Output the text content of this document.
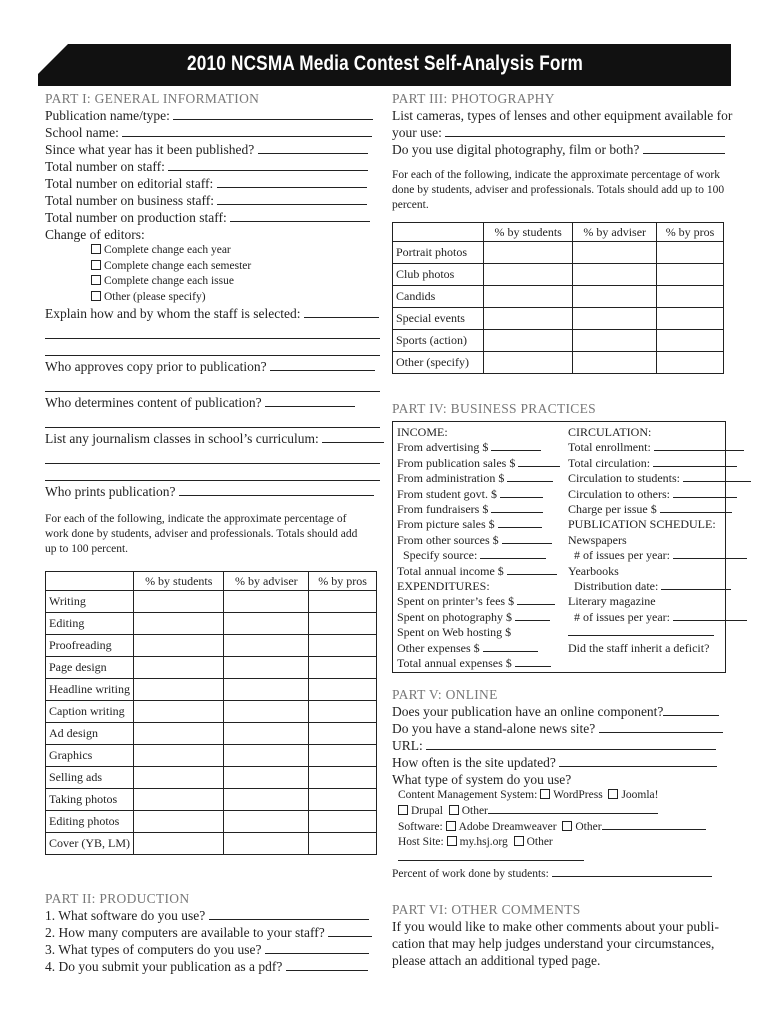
2010 NCSMA Media Contest Self-Analysis Form

PART I: GENERAL INFORMATION

Publication name/type:

School name:

Since what year has it been published?

Total number on staff:

Total number on editorial staff:

Total number on business staff:

Total number on production staff:

Change of editors:

Complete change each year

Complete change each semester

Complete change each issue

Other (please specify)

Explain how and by whom the staff is selected:

Who approves copy prior to publication?

Who determines content of publication?

List any journalism classes in school’s curriculum:

Who prints publication?

For each of the following, indicate the approximate percentage of work done by students, adviser and professionals. Totals should add up to 100 percent.

	% by students	% by adviser	% by pros
Writing			
Editing			
Proofreading			
Page design			
Headline writing			
Caption writing			
Ad design			
Graphics			
Selling ads			
Taking photos			
Editing photos			
Cover (YB, LM)			

PART II: PRODUCTION

1. What software do you use?

2. How many computers are available to your staff?

3. What types of computers do you use?

4. Do you submit your publication as a pdf?

PART III: PHOTOGRAPHY

List cameras, types of lenses and other equipment available for

your use:

Do you use digital photography, film or both?

For each of the following, indicate the approximate percentage of work done by students, adviser and professionals. Totals should add up to 100 percent.

	% by students	% by adviser	% by pros
Portrait photos			
Club photos			
Candids			
Special events			
Sports (action)			
Other (specify)			

PART IV: BUSINESS PRACTICES

INCOME:

From advertising $

From publication sales $

From administration $

From student govt. $

From fundraisers $

From picture sales $

From other sources $

Specify source:

Total annual income $

EXPENDITURES:

Spent on printer’s fees $

Spent on photography $

Spent on Web hosting $

Other expenses $

Total annual expenses $

CIRCULATION:

Total enrollment:

Total circulation:

Circulation to students:

Circulation to others:

Charge per issue $

PUBLICATION SCHEDULE:

Newspapers

# of issues per year:

Yearbooks

Distribution date:

Literary magazine

# of issues per year:

Did the staff inherit a deficit?

PART V: ONLINE

Does your publication have an online component?

Do you have a stand-alone news site?

URL:

How often is the site updated?

What type of system do you use?

Content Management System: WordPress Joomla!

Drupal Other

Software: Adobe Dreamweaver Other

Host Site: my.hsj.org Other

Percent of work done by students:

PART VI: OTHER COMMENTS

If you would like to make other comments about your publi-

cation that may help judges understand your circumstances,

please attach an additional typed page.
